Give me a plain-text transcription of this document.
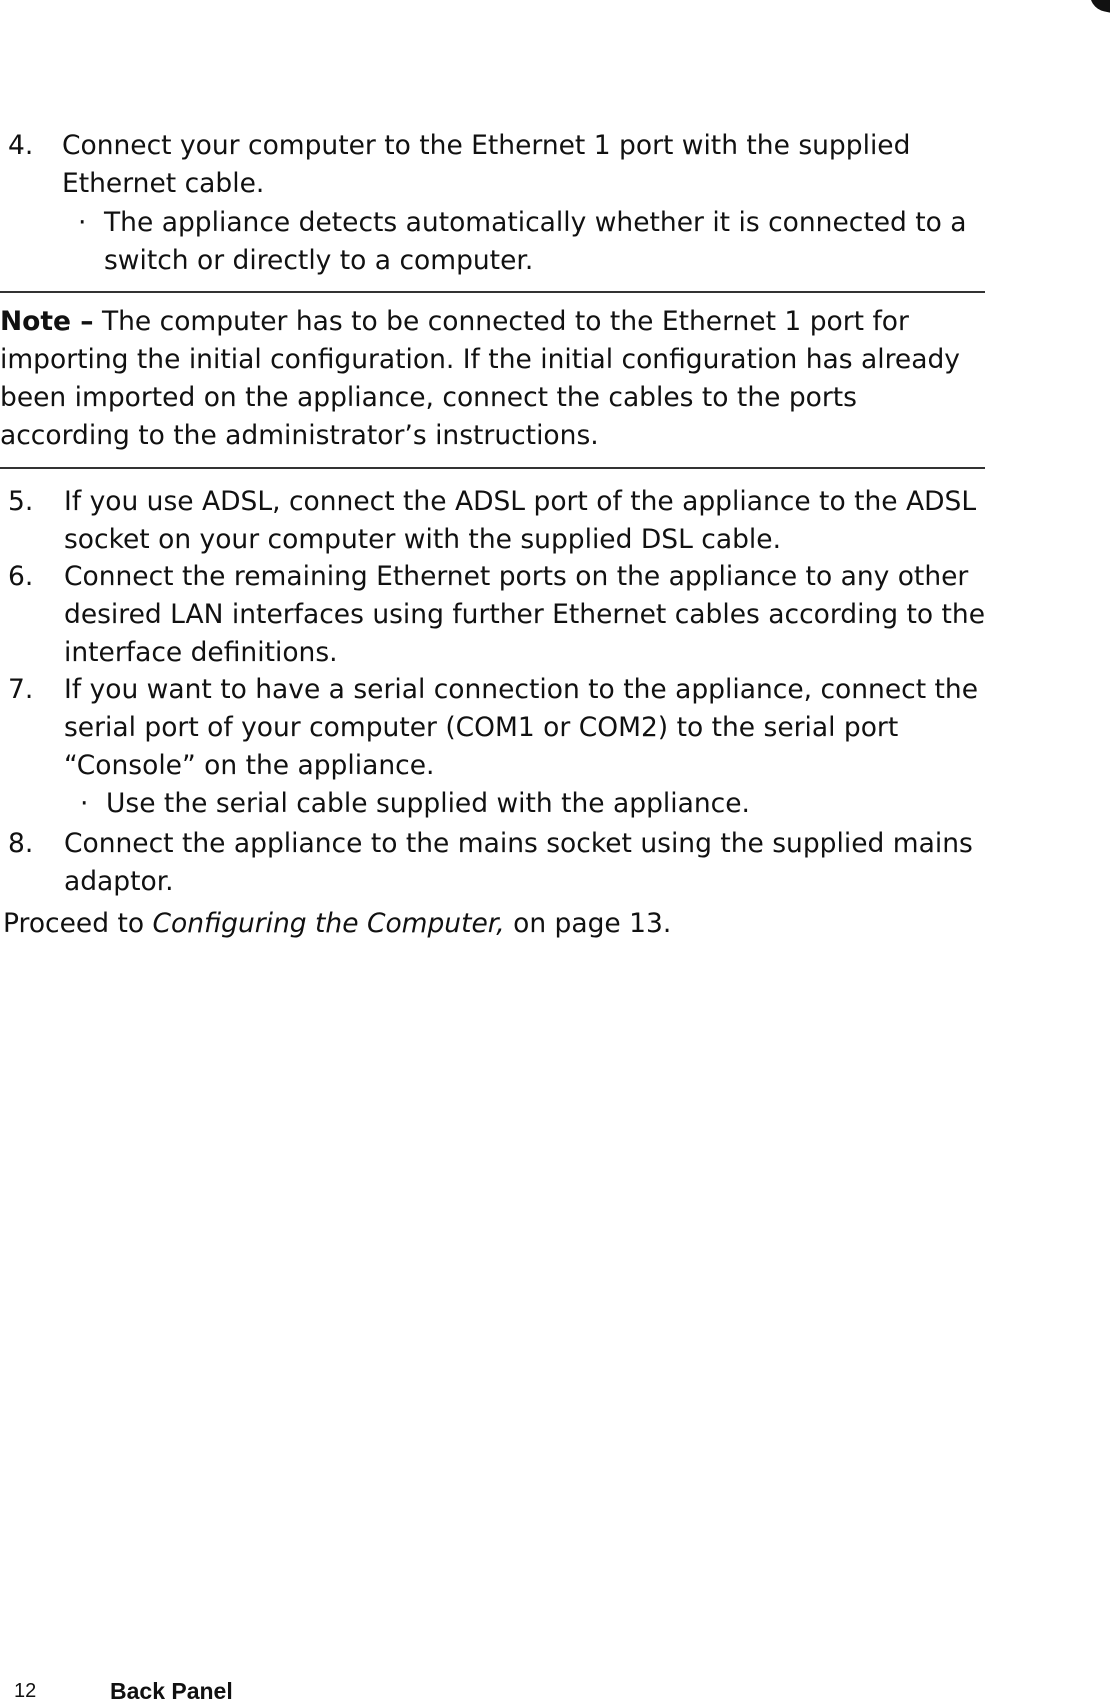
4.	Connect your computer to the Ethernet 1 port with the supplied Ethernet cable.
· The appliance detects automatically whether it is connected to a switch or directly to a computer.
Note – The computer has to be connected to the Ethernet 1 port for importing the initial configuration. If the initial configuration has already been imported on the appliance, connect the cables to the ports according to the administrator’s instructions.
5.	If you use ADSL, connect the ADSL port of the appliance to the ADSL socket on your computer with the supplied DSL cable.
6.	Connect the remaining Ethernet ports on the appliance to any other desired LAN interfaces using further Ethernet cables according to the interface definitions.
7.	If you want to have a serial connection to the appliance, connect the serial port of your computer (COM1 or COM2) to the serial port “Console” on the appliance.
· Use the serial cable supplied with the appliance.
8.	Connect the appliance to the mains socket using the supplied mains adaptor.
Proceed to Configuring the Computer, on page 13.
12	Back Panel
